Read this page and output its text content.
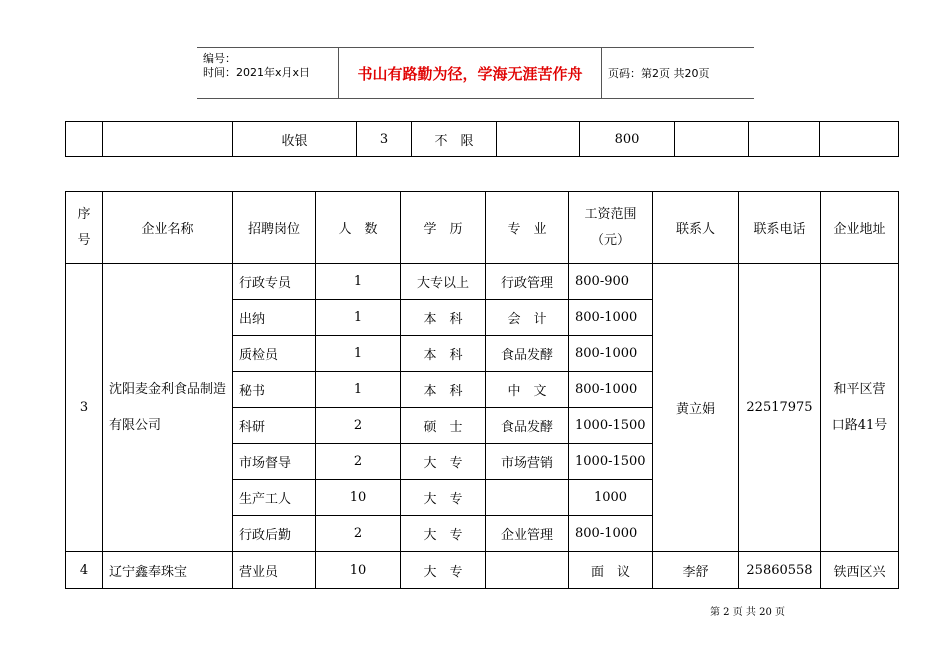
编号：
时间：2021年x月x日	书山有路勤为径，学海无涯苦作舟	页码：第2页 共20页
		收银	3	不　限		800			
序号	企业名称	招聘岗位	人　数	学　历	专　业	工资范围（元）	联系人	联系电话	企业地址
3	沈阳麦金利食品制造有限公司	行政专员	1	大专以上	行政管理	800-900	黄立娟	22517975	和平区营口路41号
		出纳	1	本　科	会　计	800-1000			
		质检员	1	本　科	食品发酵	800-1000			
		秘书	1	本　科	中　文	800-1000			
		科研	2	硕　士	食品发酵	1000-1500			
		市场督导	2	大　专	市场营销	1000-1500			
		生产工人	10	大　专		1000			
		行政后勤	2	大　专	企业管理	800-1000			
4	辽宁鑫奉珠宝	营业员	10	大　专		面　议	李舒	25860558	铁西区兴
第 2 页 共 20 页
